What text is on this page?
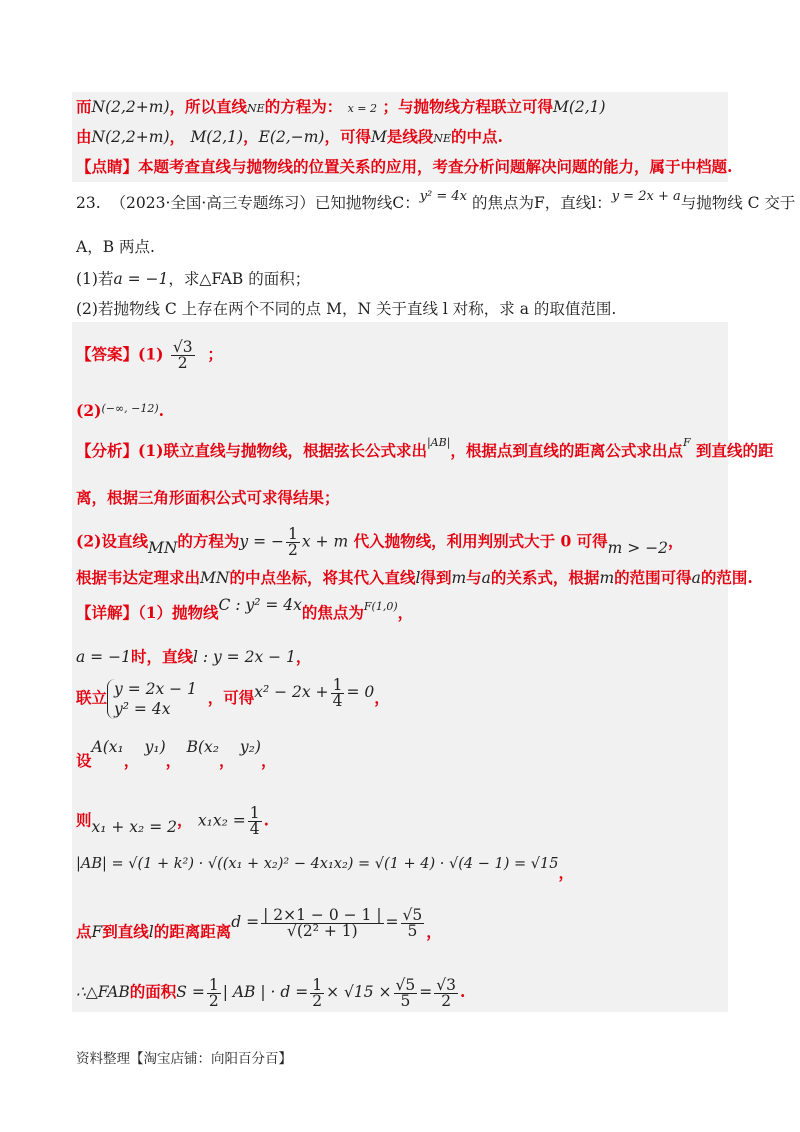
而N(2,2+m)，所以直线NE的方程为： x = 2 ；与抛物线方程联立可得M(2,1)
由N(2,2+m)， M(2,1)，E(2,−m)，可得M是线段NE的中点.
【点睛】本题考查直线与抛物线的位置关系的应用，考查分析问题解决问题的能力，属于中档题.
23. （2023·全国·高三专题练习）已知抛物线C：$^{y^2 = 4x}$ 的焦点为F，直线l：$^{y = 2x + a}$与抛物线 C 交于
A，B 两点.
(1)若a = −1，求△FAB 的面积；
(2)若抛物线 C 上存在两个不同的点 M，N 关于直线 l 对称，求 a 的取值范围.
【答案】$(1) \frac{√3}{2}$ ；
$(2)^{(-\infty, -12)}$.
【分析】(1)联立直线与抛物线，根据弦长公式求出$^{|AB|}$，根据点到直线的距离公式求出点$^F$ 到直线的距
离，根据三角形面积公式可求得结果；
(2)设直线MN的方程为y = − $\frac{1}{2}$ x + m 代入抛物线，利用判别式大于 0 可得m > −2，
根据韦达定理求出MN的中点坐标，将其代入直线l得到m与a的关系式，根据m的范围可得a的范围.
【详解】（1）抛物线C : y² = 4x的焦点为$^{F(1,0)}$，
a = −1时，直线l : y = 2x − 1，
联立 y = 2x − 1
y² = 4x
，可得$x^2 - 2x + \frac{1}{4} = 0$，
设A(x₁， y₁)， B(x₂， y₂)，
则x₁ + x₂ = 2， $x_1x_2 = \frac{1}{4}$ .
|AB| = √(1 + k²) · √((x₁ + x₂)² − 4x₁x₂) = √(1 + 4) · √(4 − 1) = √15，
点F到直线l的距离距离$d = \frac{| 2\times 1 - 0 - 1 |}{\text{√(2² + 1)}} = \frac{√5}{5}$ ，
∴△FAB的面积$S = \frac{1}{2}$ | AB | · $d = \frac{1}{2} \times √15 \times \frac{√5}{5} = \frac{√3}{2}$ .
资料整理【淘宝店铺：向阳百分百】
